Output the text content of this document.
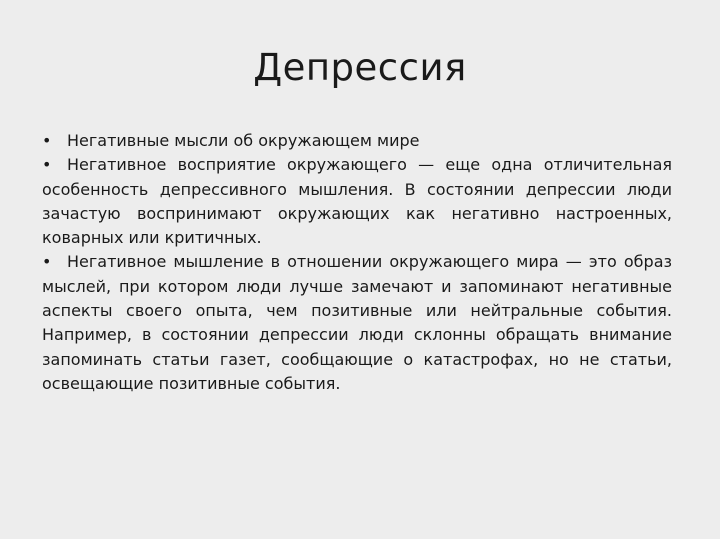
Депрессия

• Негативные мысли об окружающем мире

• Негативное восприятие окружающего — еще одна отличительная особенность депрессивного мышления. В состоянии депрессии люди зачастую воспринимают окружающих как негативно настроенных, коварных или критичных.

• Негативное мышление в отношении окружающего мира — это образ мыслей, при котором люди лучше замечают и запоминают негативные аспекты своего опыта, чем позитивные или нейтральные события. Например, в состоянии депрессии люди склонны обращать внимание запоминать статьи газет, сообщающие о катастрофах, но не статьи, освещающие позитивные события.
